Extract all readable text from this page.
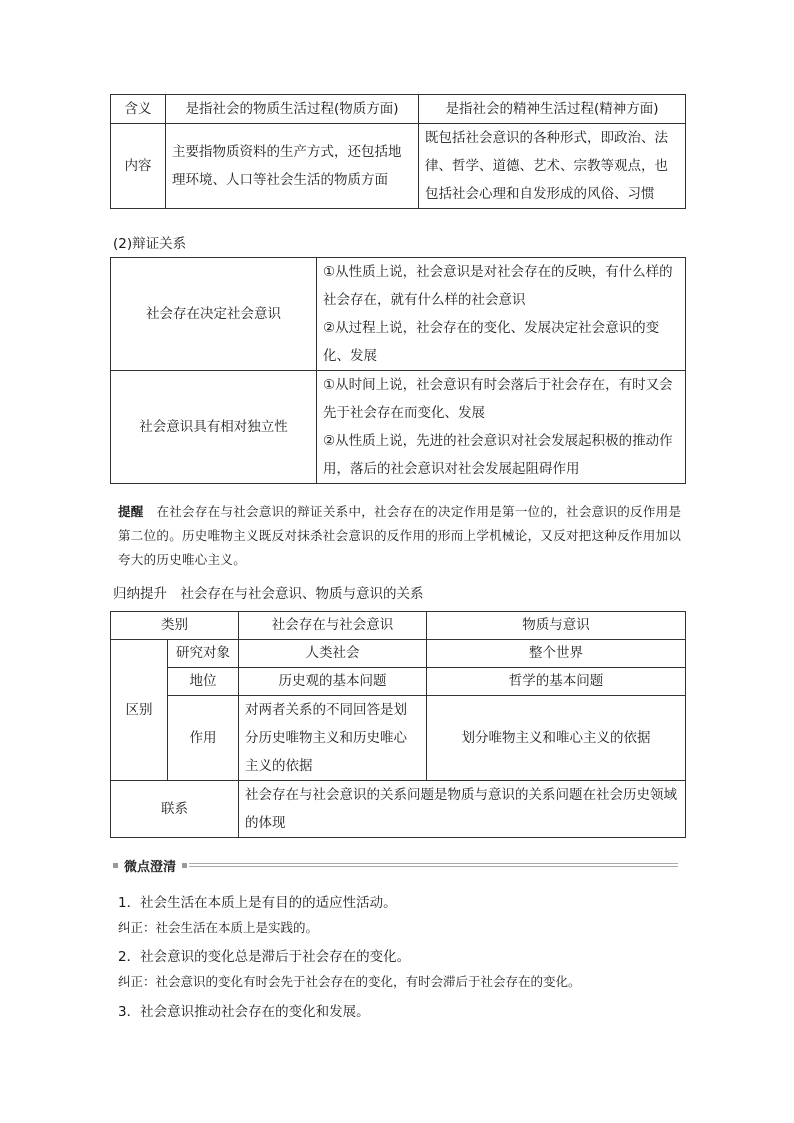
含义	是指社会的物质生活过程(物质方面)	是指社会的精神生活过程(精神方面)
内容	主要指物质资料的生产方式，还包括地理环境、人口等社会生活的物质方面	既包括社会意识的各种形式，即政治、法律、哲学、道德、艺术、宗教等观点，也包括社会心理和自发形成的风俗、习惯
(2)辩证关系
社会存在决定社会意识	①从性质上说，社会意识是对社会存在的反映，有什么样的社会存在，就有什么样的社会意识
②从过程上说，社会存在的变化、发展决定社会意识的变化、发展

社会意识具有相对独立性	①从时间上说，社会意识有时会落后于社会存在，有时又会先于社会存在而变化、发展
②从性质上说，先进的社会意识对社会发展起积极的推动作用，落后的社会意识对社会发展起阻碍作用
提醒 在社会存在与社会意识的辩证关系中，社会存在的决定作用是第一位的，社会意识的反作用是第二位的。历史唯物主义既反对抹杀社会意识的反作用的形而上学机械论，又反对把这种反作用加以夸大的历史唯心主义。
归纳提升　社会存在与社会意识、物质与意识的关系
类别		社会存在与社会意识	物质与意识
区别	研究对象	人类社会	整个世界
	地位	历史观的基本问题	哲学的基本问题
	作用	对两者关系的不同回答是划分历史唯物主义和历史唯心主义的依据	划分唯物主义和唯心主义的依据
联系		社会存在与社会意识的关系问题是物质与意识的关系问题在社会历史领域的体现	
微点澄清
1．社会生活在本质上是有目的的适应性活动。
纠正：社会生活在本质上是实践的。
2．社会意识的变化总是滞后于社会存在的变化。
纠正：社会意识的变化有时会先于社会存在的变化，有时会滞后于社会存在的变化。
3．社会意识推动社会存在的变化和发展。
